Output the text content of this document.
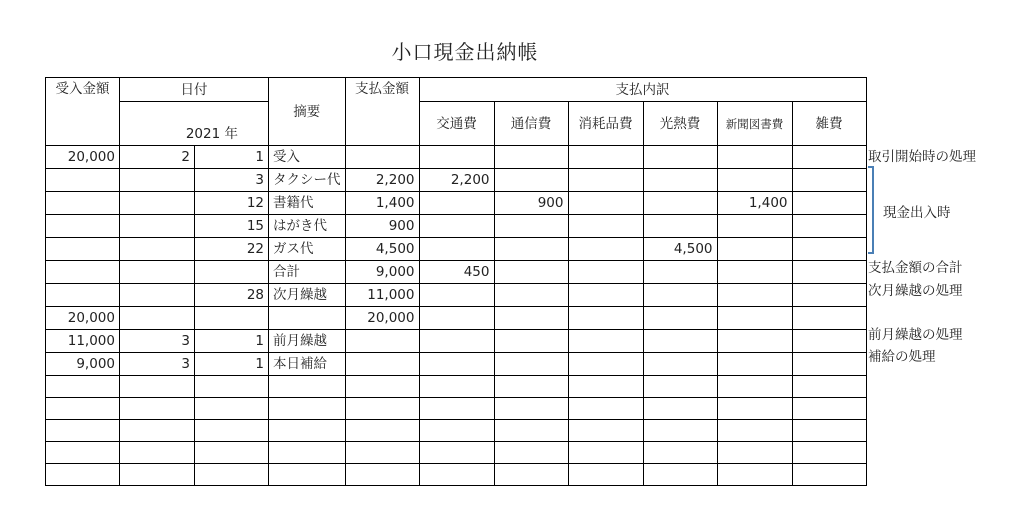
小口現金出納帳
受入金額	日付		摘要	支払金額	支払内訳					
	2021 年				交通費	通信費	消耗品費	光熱費	新聞図書費	雑費
20,000	2	1	受入							
		3	タクシー代	2,200	2,200					
		12	書籍代	1,400		900			1,400	
		15	はがき代	900						
		22	ガス代	4,500				4,500		
			合計	9,000	450					
		28	次月繰越	11,000						
20,000				20,000						
11,000	3	1	前月繰越							
9,000	3	1	本日補給							

取引開始時の処理
支払金額の合計
次月繰越の処理
前月繰越の処理
補給の処理
現金出入時
